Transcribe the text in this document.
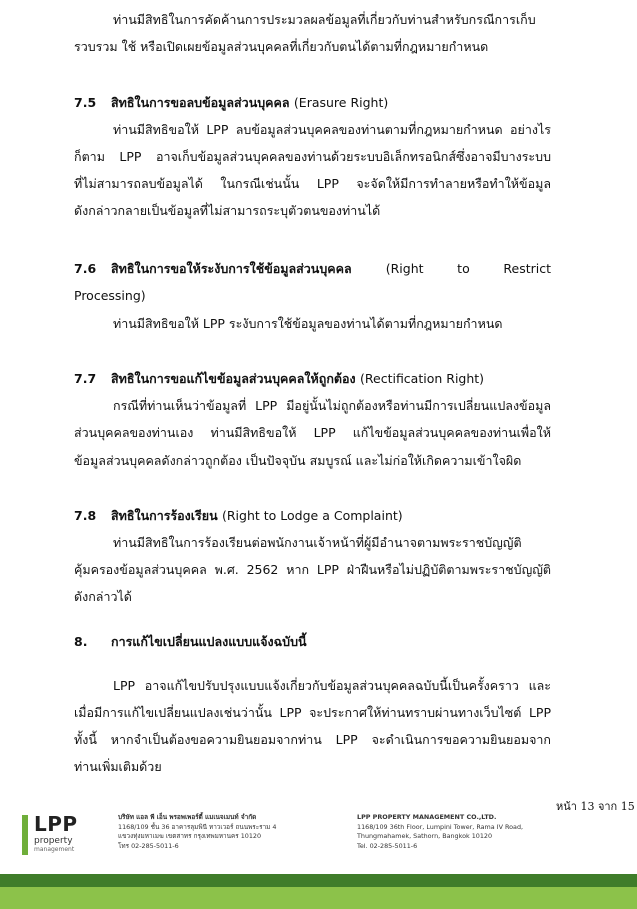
ท่านมีสิทธิในการคัดค้านการประมวลผลข้อมูลที่เกี่ยวกับท่านสำหรับกรณีการเก็บ
รวบรวม ใช้ หรือเปิดเผยข้อมูลส่วนบุคคลที่เกี่ยวกับตนได้ตามที่กฎหมายกำหนด
7.5 สิทธิในการขอลบข้อมูลส่วนบุคคล (Erasure Right)
ท่านมีสิทธิขอให้ LPP ลบข้อมูลส่วนบุคคลของท่านตามที่กฎหมายกำหนด อย่างไร
ก็ตาม LPP อาจเก็บข้อมูลส่วนบุคคลของท่านด้วยระบบอิเล็กทรอนิกส์ซึ่งอาจมีบางระบบ
ที่ไม่สามารถลบข้อมูลได้ ในกรณีเช่นนั้น LPP จะจัดให้มีการทำลายหรือทำให้ข้อมูล
ดังกล่าวกลายเป็นข้อมูลที่ไม่สามารถระบุตัวตนของท่านได้
7.6 สิทธิในการขอให้ระงับการใช้ข้อมูลส่วนบุคคล	(Right to Restrict
Processing)
ท่านมีสิทธิขอให้ LPP ระงับการใช้ข้อมูลของท่านได้ตามที่กฎหมายกำหนด
7.7 สิทธิในการขอแก้ไขข้อมูลส่วนบุคคลให้ถูกต้อง (Rectification Right)
กรณีที่ท่านเห็นว่าข้อมูลที่ LPP มีอยู่นั้นไม่ถูกต้องหรือท่านมีการเปลี่ยนแปลงข้อมูล
ส่วนบุคคลของท่านเอง ท่านมีสิทธิขอให้ LPP แก้ไขข้อมูลส่วนบุคคลของท่านเพื่อให้
ข้อมูลส่วนบุคคลดังกล่าวถูกต้อง เป็นปัจจุบัน สมบูรณ์ และไม่ก่อให้เกิดความเข้าใจผิด
7.8 สิทธิในการร้องเรียน (Right to Lodge a Complaint)
ท่านมีสิทธิในการร้องเรียนต่อพนักงานเจ้าหน้าที่ผู้มีอำนาจตามพระราชบัญญัติ
คุ้มครองข้อมูลส่วนบุคคล พ.ศ. 2562 หาก LPP ฝ่าฝืนหรือไม่ปฏิบัติตามพระราชบัญญัติ
ดังกล่าวได้
8. การแก้ไขเปลี่ยนแปลงแบบแจ้งฉบับนี้
LPP อาจแก้ไขปรับปรุงแบบแจ้งเกี่ยวกับข้อมูลส่วนบุคคลฉบับนี้เป็นครั้งคราว และ
เมื่อมีการแก้ไขเปลี่ยนแปลงเช่นว่านั้น LPP จะประกาศให้ท่านทราบผ่านทางเว็บไซต์ LPP
ทั้งนี้ หากจำเป็นต้องขอความยินยอมจากท่าน LPP จะดำเนินการขอความยินยอมจาก
ท่านเพิ่มเติมด้วย
หน้า 13 จาก 15
LPP
property
management
บริษัท แอล พี เอ็น พรอพเพอร์ตี้ แมเนจเมนท์ จำกัด
1168/109 ชั้น 36 อาคารลุมพินี ทาวเวอร์ ถนนพระราม 4
แขวงทุ่งมหาเมฆ เขตสาทร กรุงเทพมหานคร 10120
โทร 02-285-5011-6
LPP PROPERTY MANAGEMENT CO.,LTD.
1168/109 36th Floor, Lumpini Tower, Rama IV Road,
Thungmahamek, Sathorn, Bangkok 10120
Tel. 02-285-5011-6
